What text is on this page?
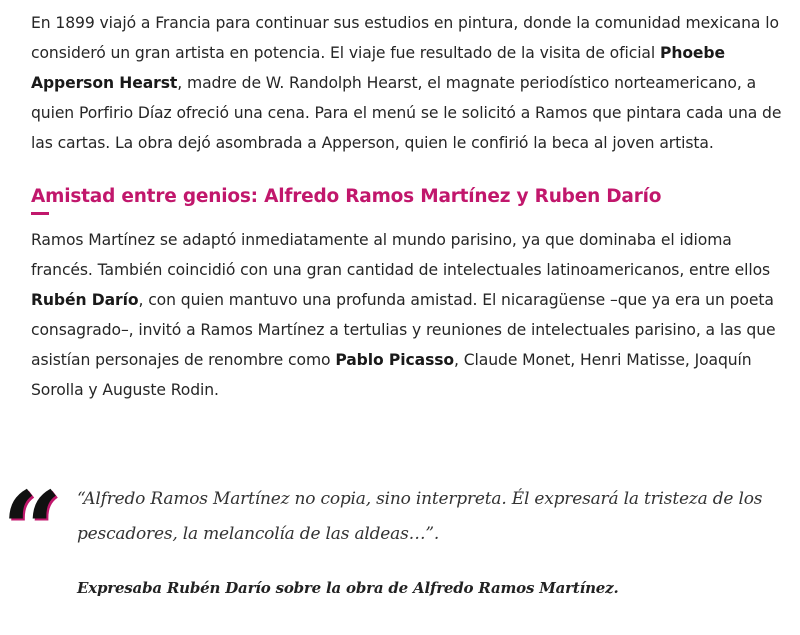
En 1899 viajó a Francia para continuar sus estudios en pintura, donde la comunidad mexicana lo consideró un gran artista en potencia. El viaje fue resultado de la visita de oficial Phoebe Apperson Hearst, madre de W. Randolph Hearst, el magnate periodístico norteamericano, a quien Porfirio Díaz ofreció una cena. Para el menú se le solicitó a Ramos que pintara cada una de las cartas. La obra dejó asombrada a Apperson, quien le confirió la beca al joven artista.

Amistad entre genios: Alfredo Ramos Martínez y Ruben Darío

Ramos Martínez se adaptó inmediatamente al mundo parisino, ya que dominaba el idioma francés. También coincidió con una gran cantidad de intelectuales latinoamericanos, entre ellos Rubén Darío, con quien mantuvo una profunda amistad. El nicaragüense –que ya era un poeta consagrado–, invitó a Ramos Martínez a tertulias y reuniones de intelectuales parisino, a las que asistían personajes de renombre como Pablo Picasso, Claude Monet, Henri Matisse, Joaquín Sorolla y Auguste Rodin.

“ “Alfredo Ramos Martínez no copia, sino interpreta. Él expresará la tristeza de los pescadores, la melancolía de las aldeas…”.

Expresaba Rubén Darío sobre la obra de Alfredo Ramos Martínez.
